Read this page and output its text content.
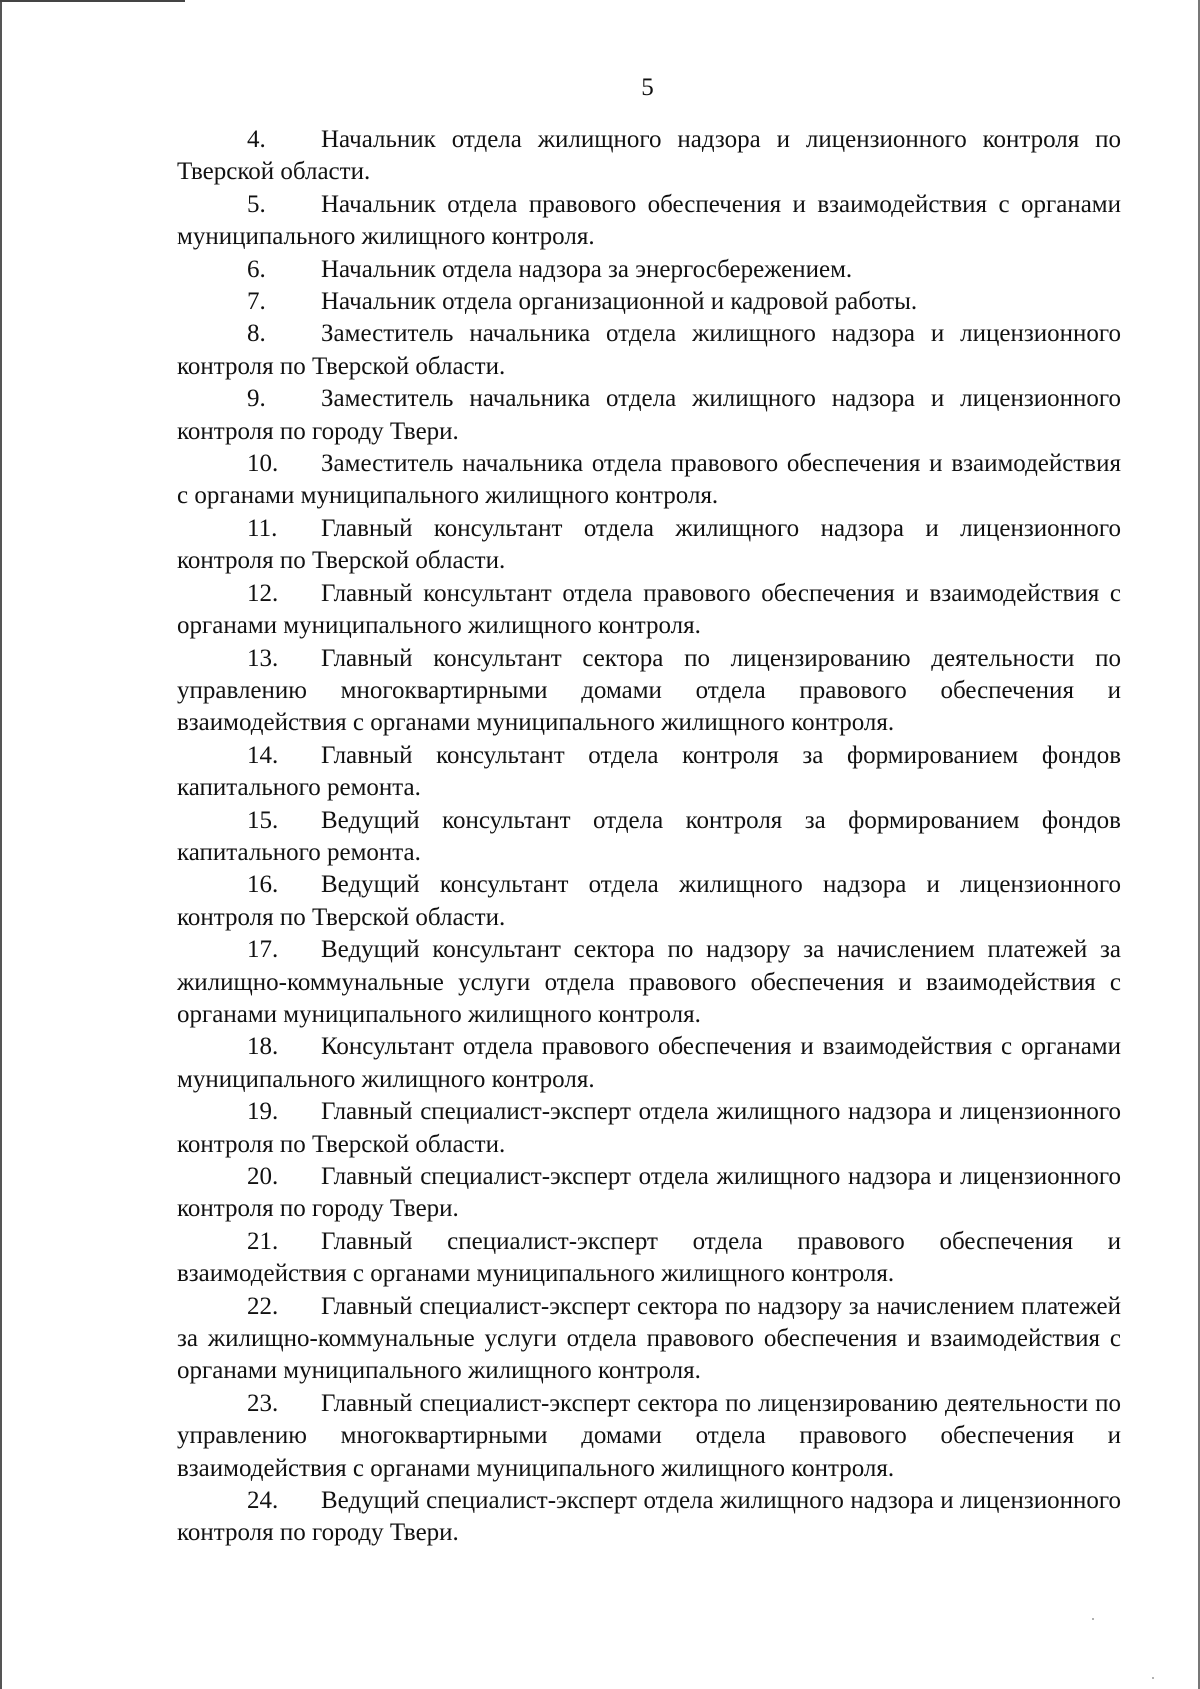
5

4. Начальник отдела жилищного надзора и лицензионного контроля по Тверской области.

5. Начальник отдела правового обеспечения и взаимодействия с органами муниципального жилищного контроля.

6. Начальник отдела надзора за энергосбережением.

7. Начальник отдела организационной и кадровой работы.

8. Заместитель начальника отдела жилищного надзора и лицензионного контроля по Тверской области.

9. Заместитель начальника отдела жилищного надзора и лицензионного контроля по городу Твери.

10. Заместитель начальника отдела правового обеспечения и взаимодействия с органами муниципального жилищного контроля.

11. Главный консультант отдела жилищного надзора и лицензионного контроля по Тверской области.

12. Главный консультант отдела правового обеспечения и взаимодействия с органами муниципального жилищного контроля.

13. Главный консультант сектора по лицензированию деятельности по управлению многоквартирными домами отдела правового обеспечения и взаимодействия с органами муниципального жилищного контроля.

14. Главный консультант отдела контроля за формированием фондов капитального ремонта.

15. Ведущий консультант отдела контроля за формированием фондов капитального ремонта.

16. Ведущий консультант отдела жилищного надзора и лицензионного контроля по Тверской области.

17. Ведущий консультант сектора по надзору за начислением платежей за жилищно-коммунальные услуги отдела правового обеспечения и взаимодействия с органами муниципального жилищного контроля.

18. Консультант отдела правового обеспечения и взаимодействия с органами муниципального жилищного контроля.

19. Главный специалист-эксперт отдела жилищного надзора и лицензионного контроля по Тверской области.

20. Главный специалист-эксперт отдела жилищного надзора и лицензионного контроля по городу Твери.

21. Главный специалист-эксперт отдела правового обеспечения и взаимодействия с органами муниципального жилищного контроля.

22. Главный специалист-эксперт сектора по надзору за начислением платежей за жилищно-коммунальные услуги отдела правового обеспечения и взаимодействия с органами муниципального жилищного контроля.

23. Главный специалист-эксперт сектора по лицензированию деятельности по управлению многоквартирными домами отдела правового обеспечения и взаимодействия с органами муниципального жилищного контроля.

24. Ведущий специалист-эксперт отдела жилищного надзора и лицензионного контроля по городу Твери.
